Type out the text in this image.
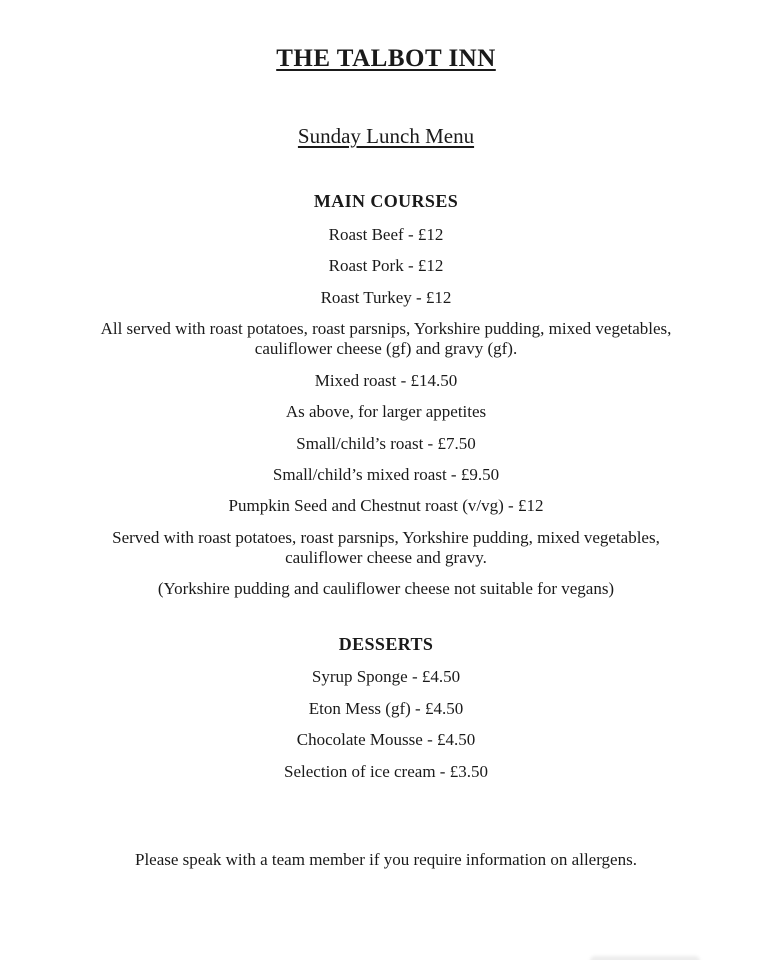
THE TALBOT INN
Sunday Lunch Menu
MAIN COURSES

Roast Beef - £12

Roast Pork - £12

Roast Turkey - £12

All served with roast potatoes, roast parsnips, Yorkshire pudding, mixed vegetables, cauliflower cheese (gf) and gravy (gf).

Mixed roast - £14.50

As above, for larger appetites

Small/child’s roast - £7.50

Small/child’s mixed roast - £9.50

Pumpkin Seed and Chestnut roast (v/vg) - £12

Served with roast potatoes, roast parsnips, Yorkshire pudding, mixed vegetables, cauliflower cheese and gravy.

(Yorkshire pudding and cauliflower cheese not suitable for vegans)

DESSERTS

Syrup Sponge - £4.50

Eton Mess (gf) - £4.50

Chocolate Mousse - £4.50

Selection of ice cream - £3.50

Please speak with a team member if you require information on allergens.
